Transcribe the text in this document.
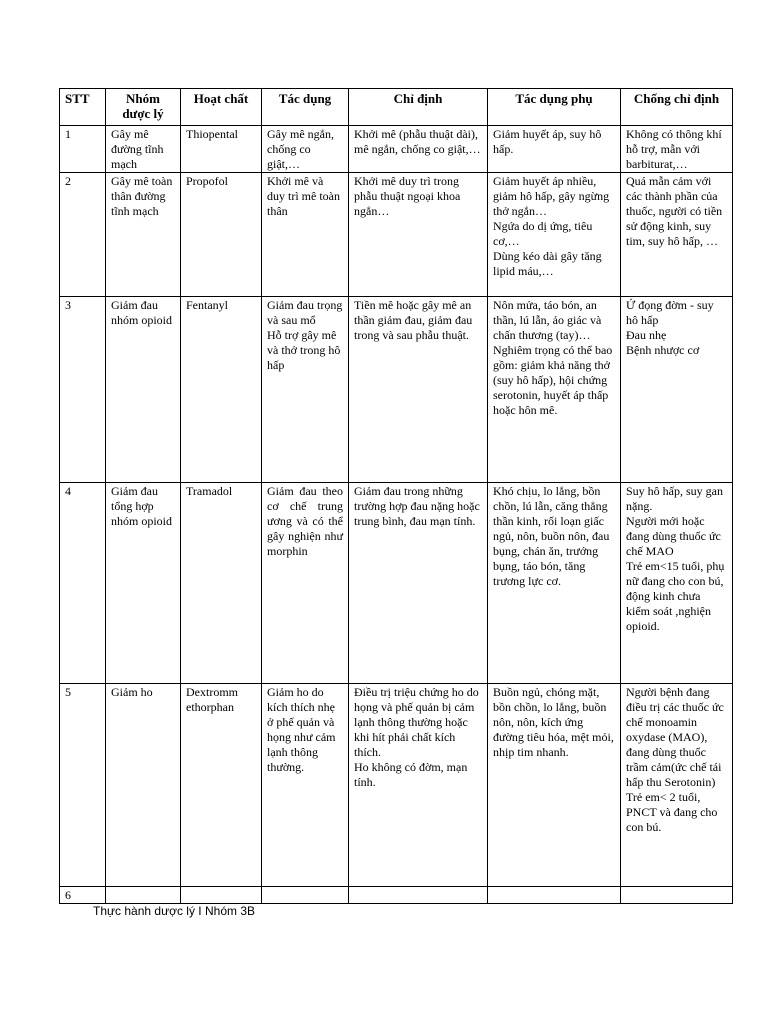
STT	Nhóm dược lý	Hoạt chất	Tác dụng	Chỉ định	Tác dụng phụ	Chống chỉ định
1	Gây mê đường tĩnh mạch	Thiopental	Gây mê ngắn, chống co giật,…	Khởi mê (phẫu thuật dài), mê ngắn, chống co giật,…	Giảm huyết áp, suy hô hấp.	Không có thông khí hỗ trợ, mẫn với barbiturat,…

2	Gây mê toàn thân đường tĩnh mạch	Propofol	Khởi mê và duy trì mê toàn thân	Khởi mê duy trì trong phẫu thuật ngoại khoa ngắn…	Giảm huyết áp nhiều, giảm hô hấp, gây ngừng thở ngắn…
Ngứa do dị ứng, tiêu cơ,…
Dùng kéo dài gây tăng lipid máu,…	Quá mẫn cảm với các thành phần của thuốc, người có tiền sử động kinh, suy tim, suy hô hấp, …

3	Giảm đau nhóm opioid	Fentanyl	Giảm đau trọng và sau mổ
Hỗ trợ gây mê và thở trong hô hấp	Tiền mê hoặc gây mê an thần giảm đau, giảm đau trong và sau phẫu thuật.	Nôn mửa, táo bón, an thần, lú lẫn, ảo giác và chấn thương (tay)…
Nghiêm trọng có thể bao gồm: giảm khả năng thở (suy hô hấp), hội chứng serotonin, huyết áp thấp hoặc hôn mê.	Ứ đọng đờm - suy hô hấp
Đau nhẹ
Bệnh nhược cơ

4	Giảm đau tổng hợp nhóm opioid	Tramadol	Giảm đau theo cơ chế trung ương và có thể gây nghiện như morphin	Giảm đau trong những trường hợp đau nặng hoặc trung bình, đau mạn tính.	Khó chịu, lo lắng, bồn chồn, lú lẫn, căng thẳng thần kinh, rối loạn giấc ngủ, nôn, buồn nôn, đau bụng, chán ăn, trướng bụng, táo bón, tăng trương lực cơ.	Suy hô hấp, suy gan nặng.
Người mới hoặc đang dùng thuốc ức chế MAO
Trẻ em<15 tuổi, phụ nữ đang cho con bú, động kinh chưa kiểm soát ,nghiện opioid.

5	Giảm ho	Dextromm
ethorphan	Giảm ho do kích thích nhẹ ở phế quản và họng như cảm lạnh thông thường.	Điều trị triệu chứng ho do họng và phế quản bị cảm lạnh thông thường hoặc khi hít phải chất kích thích.
Ho không có đờm, mạn tính.	Buồn ngủ, chóng mặt, bồn chồn, lo lắng, buồn nôn, nôn, kích ứng đường tiêu hóa, mệt mỏi, nhịp tim nhanh.	Người bệnh đang điều trị các thuốc ức chế monoamin oxydase (MAO), đang dùng thuốc trầm cảm(ức chế tái hấp thu Serotonin)
Trẻ em< 2 tuổi, PNCT và đang cho con bú.

6						
Thực hành dược lý I Nhóm 3B
